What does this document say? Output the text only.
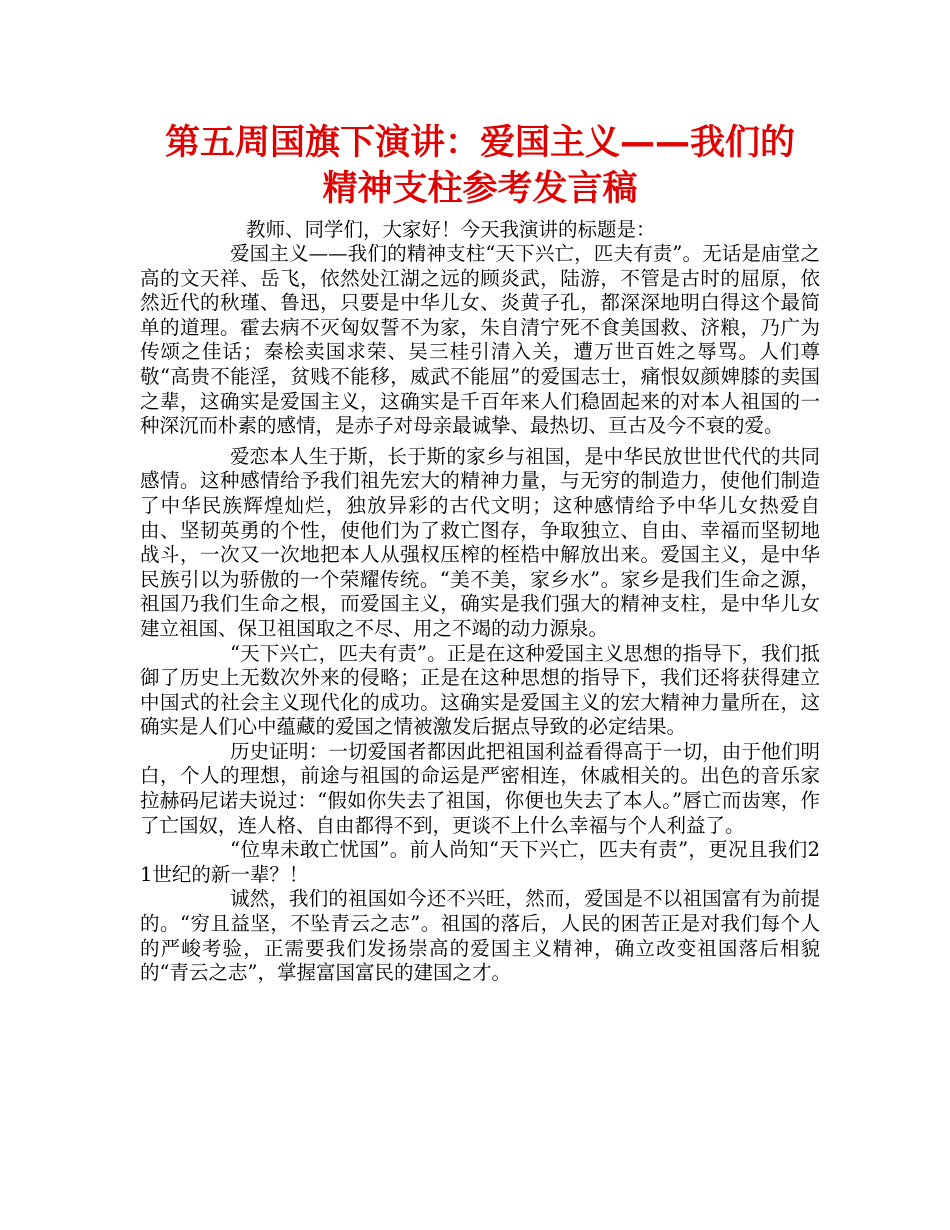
第五周国旗下演讲：爱国主义——我们的
精神支柱参考发言稿

教师、同学们，大家好！今天我演讲的标题是：

爱国主义——我们的精神支柱“天下兴亡，匹夫有责”。无话是庙堂之高的文天祥、岳飞，依然处江湖之远的顾炎武，陆游，不管是古时的屈原，依然近代的秋瑾、鲁迅，只要是中华儿女、炎黄子孔，都深深地明白得这个最简单的道理。霍去病不灭匈奴誓不为家，朱自清宁死不食美国救、济粮，乃广为传颂之佳话；秦桧卖国求荣、吴三桂引清入关，遭万世百姓之辱骂。人们尊敬“高贵不能淫，贫贱不能移，威武不能屈”的爱国志士，痛恨奴颜婢膝的卖国之辈，这确实是爱国主义，这确实是千百年来人们稳固起来的对本人祖国的一种深沉而朴素的感情，是赤子对母亲最诚挚、最热切、亘古及今不衰的爱。

爱恋本人生于斯，长于斯的家乡与祖国，是中华民放世世代代的共同感情。这种感情给予我们祖先宏大的精神力量，与无穷的制造力，使他们制造了中华民族辉煌灿烂，独放异彩的古代文明；这种感情给予中华儿女热爱自由、坚韧英勇的个性，使他们为了救亡图存，争取独立、自由、幸福而坚韧地战斗，一次又一次地把本人从强权压榨的桎梏中解放出来。爱国主义，是中华民族引以为骄傲的一个荣耀传统。“美不美，家乡水”。家乡是我们生命之源，祖国乃我们生命之根，而爱国主义，确实是我们强大的精神支柱，是中华儿女建立祖国、保卫祖国取之不尽、用之不竭的动力源泉。

“天下兴亡，匹夫有责”。正是在这种爱国主义思想的指导下，我们抵御了历史上无数次外来的侵略；正是在这种思想的指导下，我们还将获得建立中国式的社会主义现代化的成功。这确实是爱国主义的宏大精神力量所在，这确实是人们心中蕴藏的爱国之情被激发后据点导致的必定结果。

历史证明：一切爱国者都因此把祖国利益看得高于一切，由于他们明白，个人的理想，前途与祖国的命运是严密相连，休戚相关的。出色的音乐家拉赫码尼诺夫说过：“假如你失去了祖国，你便也失去了本人。”唇亡而齿寒，作了亡国奴，连人格、自由都得不到，更谈不上什么幸福与个人利益了。

“位卑未敢亡忧国”。前人尚知“天下兴亡，匹夫有责”，更况且我们21世纪的新一辈？！

诚然，我们的祖国如今还不兴旺，然而，爱国是不以祖国富有为前提的。“穷且益坚，不坠青云之志”。祖国的落后，人民的困苦正是对我们每个人的严峻考验，正需要我们发扬崇高的爱国主义精神，确立改变祖国落后相貌的“青云之志”，掌握富国富民的建国之才。
